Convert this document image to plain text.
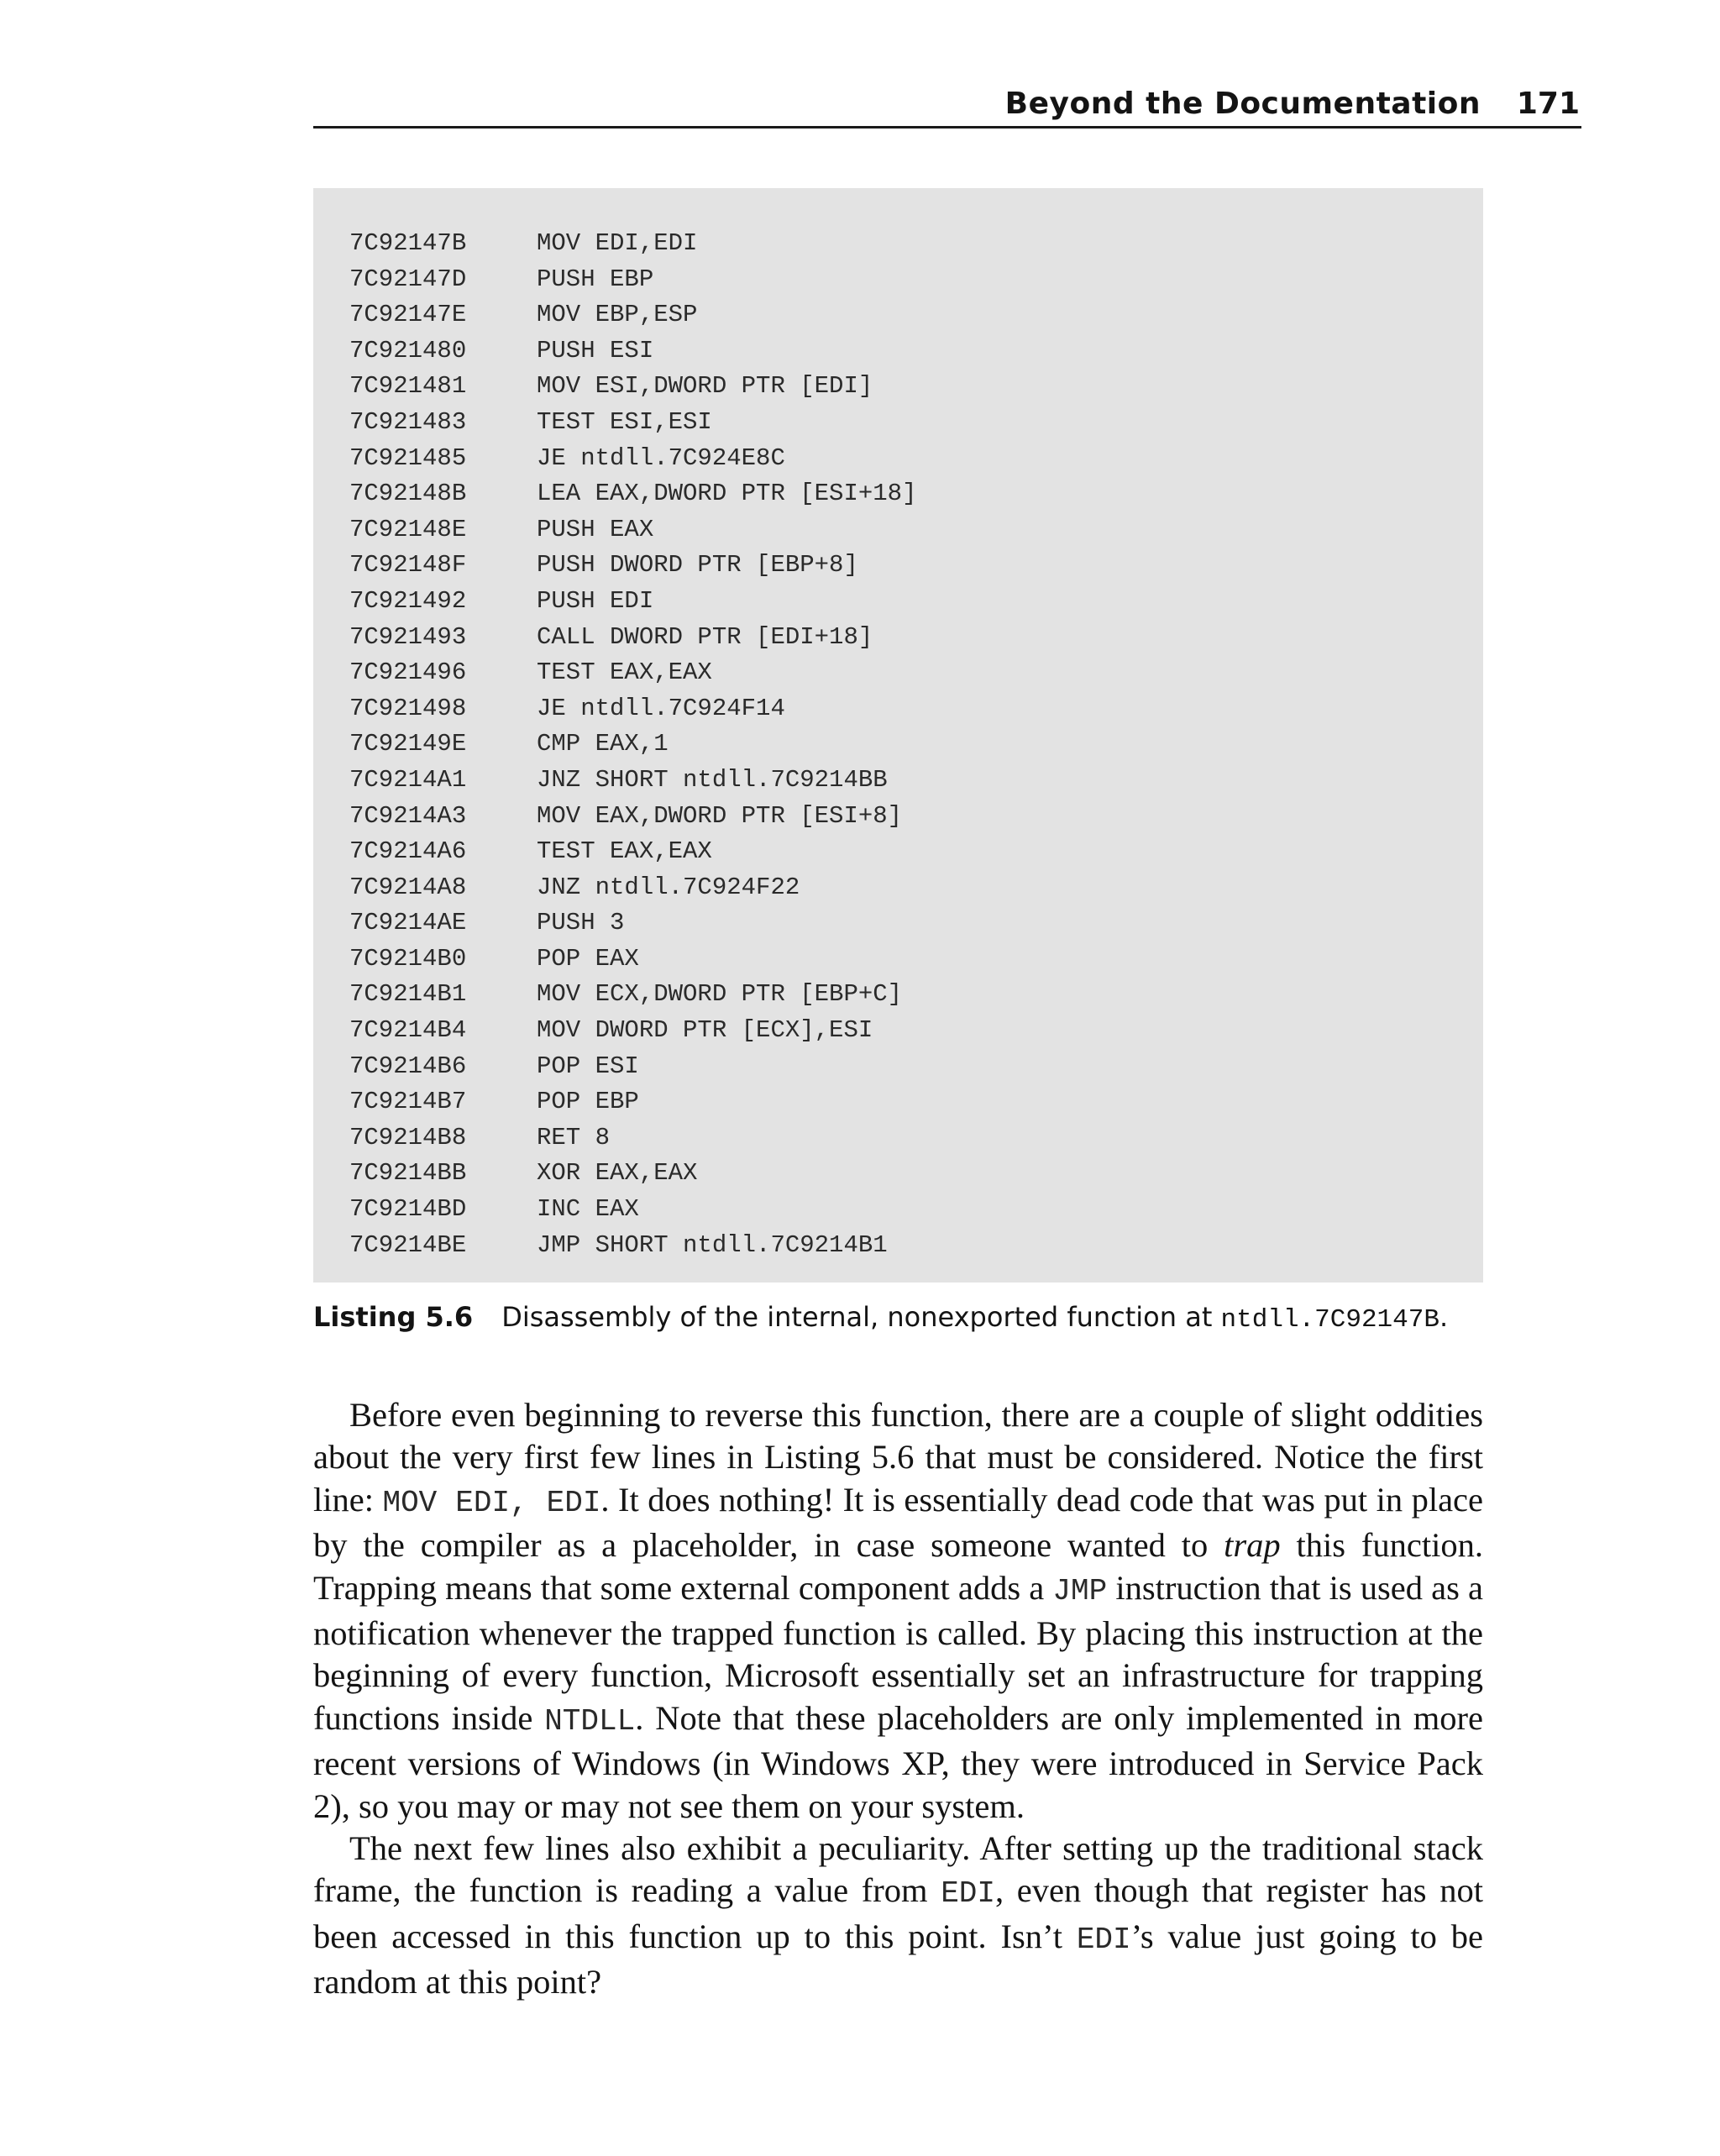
Beyond the Documentation 171
7C92147B	MOV EDI,EDI
7C92147D	PUSH EBP
7C92147E	MOV EBP,ESP
7C921480	PUSH ESI
7C921481	MOV ESI,DWORD PTR [EDI]
7C921483	TEST ESI,ESI
7C921485	JE ntdll.7C924E8C
7C92148B	LEA EAX,DWORD PTR [ESI+18]
7C92148E	PUSH EAX
7C92148F	PUSH DWORD PTR [EBP+8]
7C921492	PUSH EDI
7C921493	CALL DWORD PTR [EDI+18]
7C921496	TEST EAX,EAX
7C921498	JE ntdll.7C924F14
7C92149E	CMP EAX,1
7C9214A1	JNZ SHORT ntdll.7C9214BB
7C9214A3	MOV EAX,DWORD PTR [ESI+8]
7C9214A6	TEST EAX,EAX
7C9214A8	JNZ ntdll.7C924F22
7C9214AE	PUSH 3
7C9214B0	POP EAX
7C9214B1	MOV ECX,DWORD PTR [EBP+C]
7C9214B4	MOV DWORD PTR [ECX],ESI
7C9214B6	POP ESI
7C9214B7	POP EBP
7C9214B8	RET 8
7C9214BB	XOR EAX,EAX
7C9214BD	INC EAX
7C9214BE	JMP SHORT ntdll.7C9214B1
Listing 5.6 Disassembly of the internal, nonexported function at ntdll.7C92147B.

Before even beginning to reverse this function, there are a couple of slight oddities about the very first few lines in Listing 5.6 that must be considered. Notice the first line: MOV EDI, EDI. It does nothing! It is essentially dead code that was put in place by the compiler as a placeholder, in case someone wanted to trap this function. Trapping means that some external component adds a JMP instruction that is used as a notification whenever the trapped function is called. By placing this instruction at the beginning of every function, Microsoft essentially set an infrastructure for trapping functions inside NTDLL. Note that these placeholders are only implemented in more recent versions of Windows (in Windows XP, they were introduced in Service Pack 2), so you may or may not see them on your system.

The next few lines also exhibit a peculiarity. After setting up the traditional stack frame, the function is reading a value from EDI, even though that register has not been accessed in this function up to this point. Isn’t EDI’s value just going to be random at this point?
